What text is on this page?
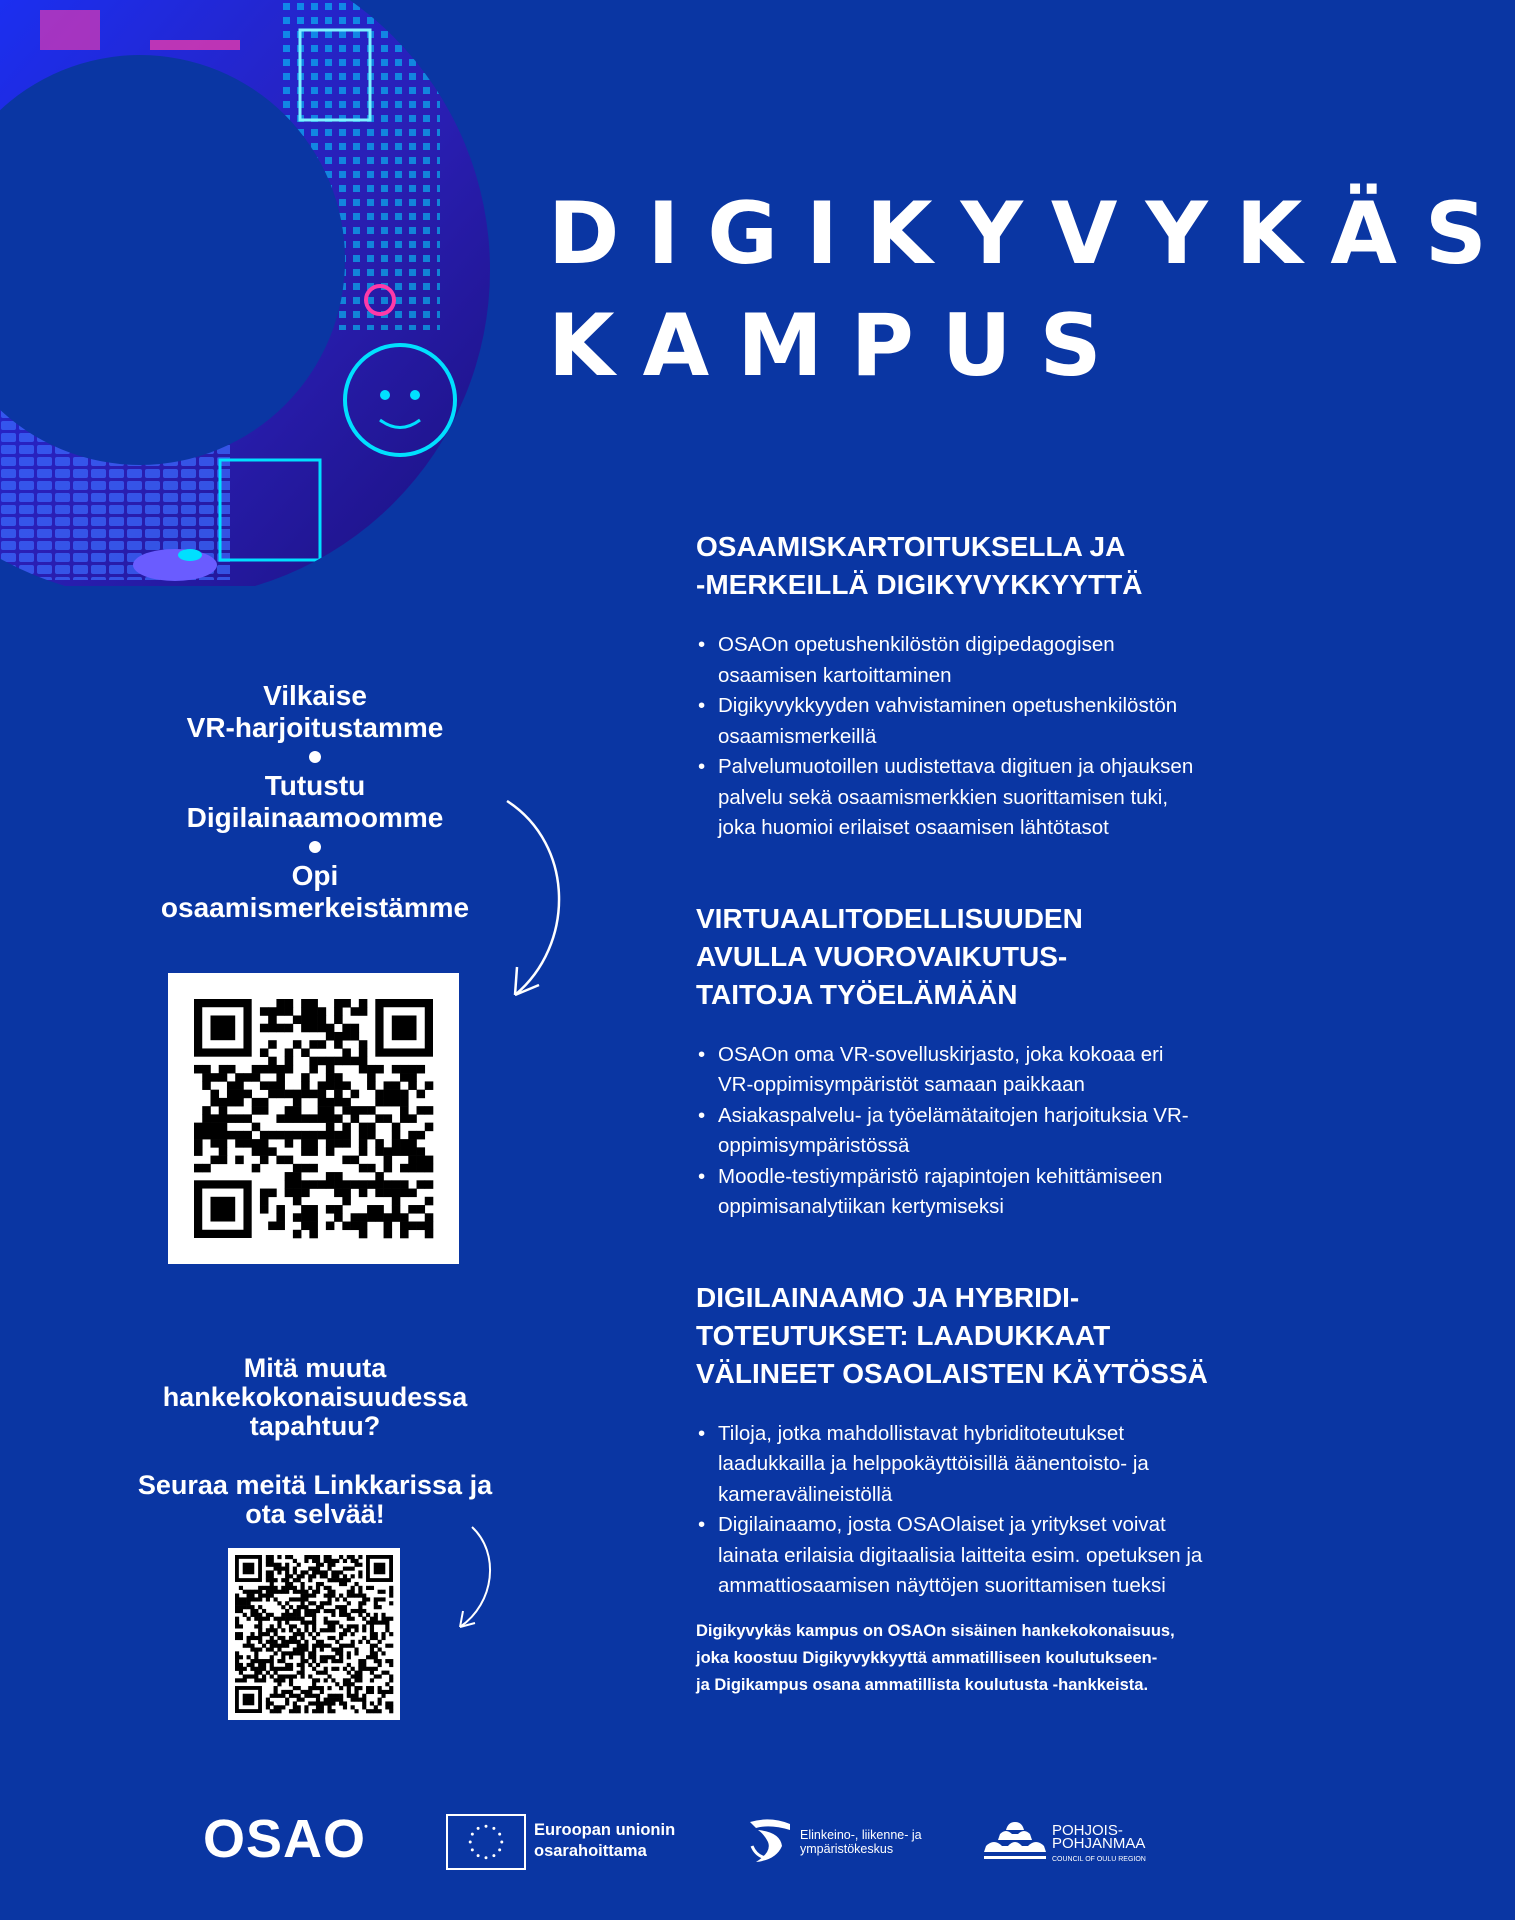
DIGIKYVYKÄS
KAMPUS
OSAAMISKARTOITUKSELLA JA
-MERKEILLÄ DIGIKYVYKKYYTTÄ
• OSAOn opetushenkilöstön digipedagogisen
osaamisen kartoittaminen
• Digikyvykkyyden vahvistaminen opetushenkilöstön
osaamismerkeillä
• Palvelumuotoillen uudistettava digituen ja ohjauksen
palvelu sekä osaamismerkkien suorittamisen tuki,
joka huomioi erilaiset osaamisen lähtötasot
VIRTUAALITODELLISUUDEN
AVULLA VUOROVAIKUTUS-
TAITOJA TYÖELÄMÄÄN
• OSAOn oma VR-sovelluskirjasto, joka kokoaa eri
VR-oppimisympäristöt samaan paikkaan
• Asiakaspalvelu- ja työelämätaitojen harjoituksia VR-
oppimisympäristössä
• Moodle-testiympäristö rajapintojen kehittämiseen
oppimisanalytiikan kertymiseksi
DIGILAINAAMO JA HYBRIDI-
TOTEUTUKSET: LAADUKKAAT
VÄLINEET OSAOLAISTEN KÄYTÖSSÄ
• Tiloja, jotka mahdollistavat hybriditoteutukset
laadukkailla ja helppokäyttöisillä äänentoisto- ja
kameravälineistöllä
• Digilainaamo, josta OSAOlaiset ja yritykset voivat
lainata erilaisia digitaalisia laitteita esim. opetuksen ja
ammattiosaamisen näyttöjen suorittamisen tueksi
Digikyvykäs kampus on OSAOn sisäinen hankekokonaisuus,
joka koostuu Digikyvykkyyttä ammatilliseen koulutukseen-
ja Digikampus osana ammatillista koulutusta -hankkeista.
Vilkaise
VR-harjoitustamme
Tutustu
Digilainaamoomme
Opi
osaamismerkeistämme
Mitä muuta
hankekokonaisuudessa
tapahtuu?
Seuraa meitä Linkkarissa ja
ota selvää!
OSAO	Euroopan unionin
osarahoittama
Elinkeino-, liikenne- ja
ympäristökeskus
POHJOIS-
POHJANMAA
COUNCIL OF OULU REGION
